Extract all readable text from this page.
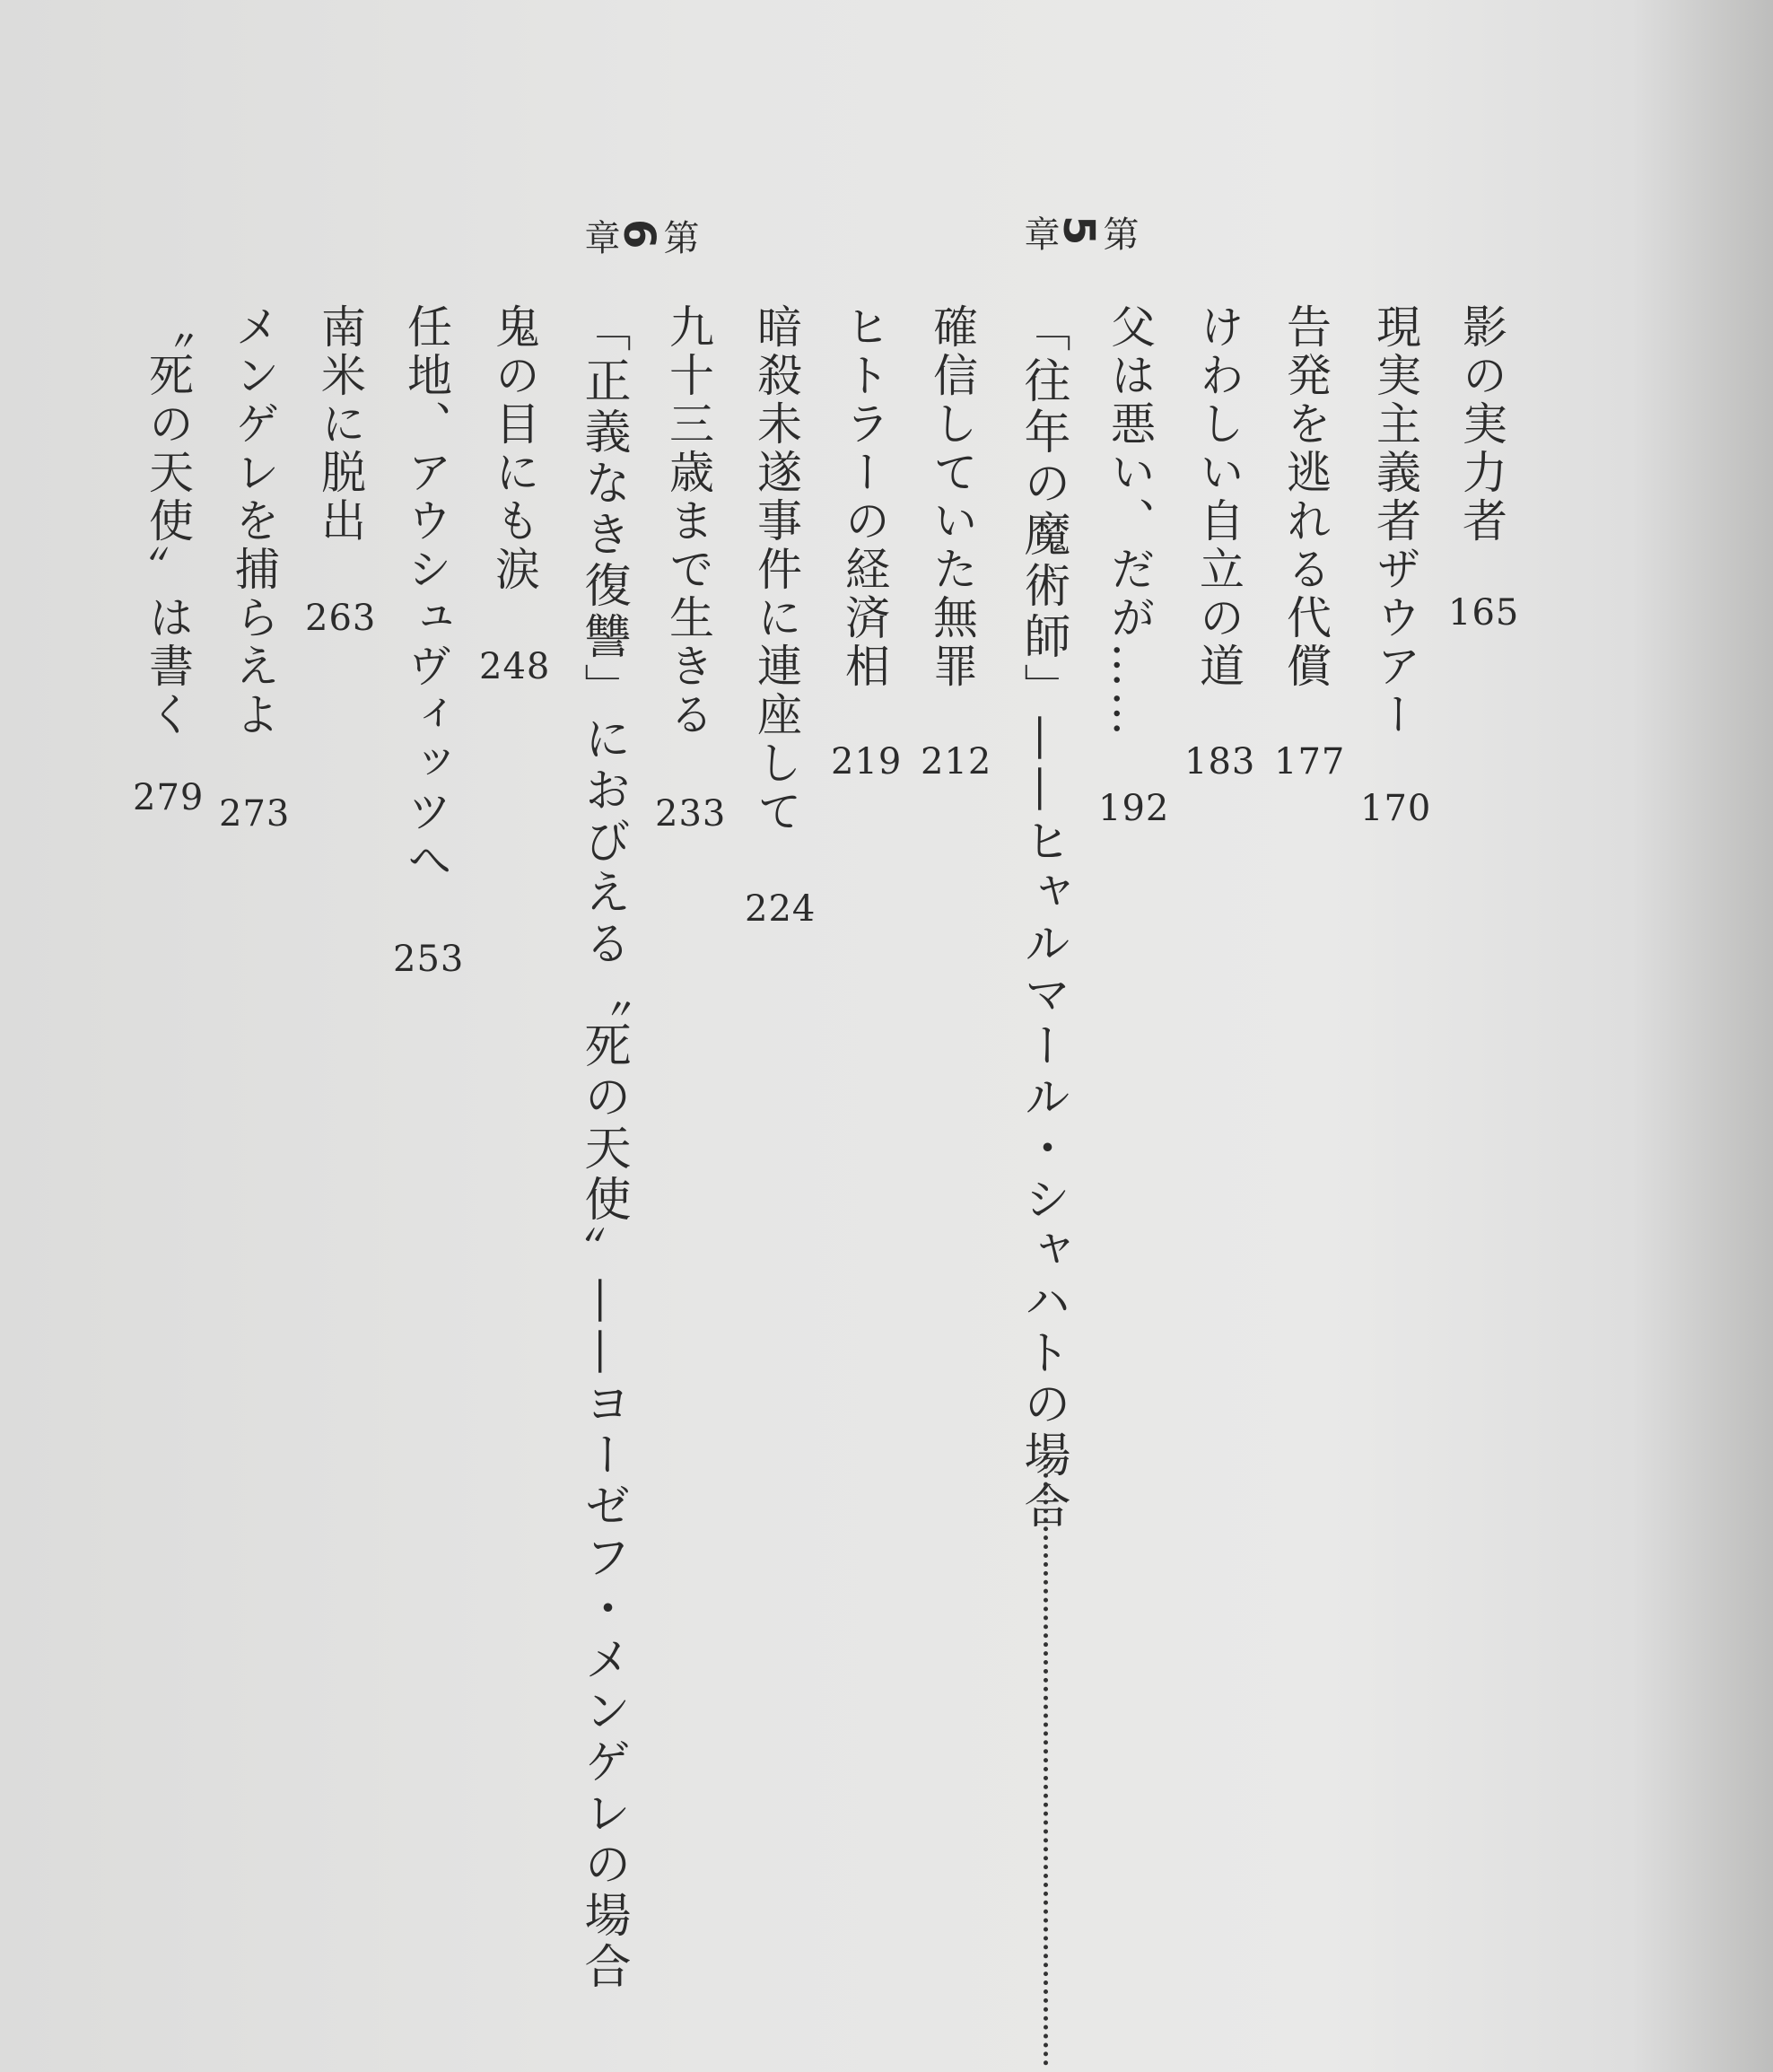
影の実力者
165
現実主義者ザウアー
170
告発を逃れる代償
177
けわしい自立の道
183
父は悪い、だが……
192
第
5
章
「往年の魔術師」——ヒャルマール・シャハトの場合
確信していた無罪
212
ヒトラーの経済相
219
暗殺未遂事件に連座して
224
九十三歳まで生きる
233
第
6
章
「正義なき復讐」におびえる〝死の天使〟——ヨーゼフ・メンゲレの場合
鬼の目にも涙
248
任地、アウシュヴィッツへ
253
南米に脱出
263
メンゲレを捕らえよ
273
〝死の天使〟は書く
279
